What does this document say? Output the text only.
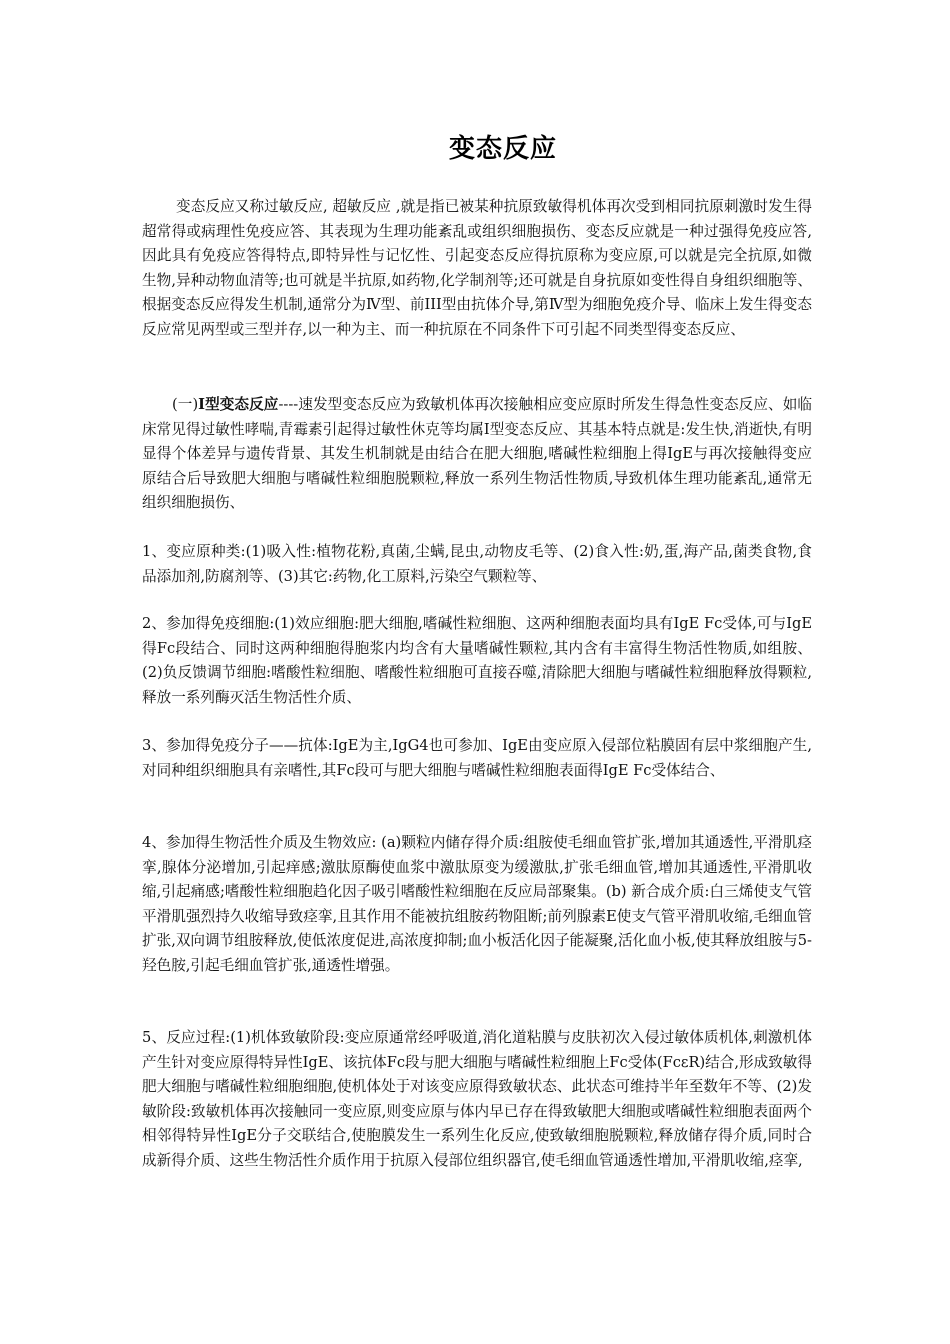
变态反应

变态反应又称过敏反应, 超敏反应 ,就是指已被某种抗原致敏得机体再次受到相同抗原刺激时发生得超常得或病理性免疫应答、其表现为生理功能紊乱或组织细胞损伤、变态反应就是一种过强得免疫应答,因此具有免疫应答得特点,即特异性与记忆性、引起变态反应得抗原称为变应原,可以就是完全抗原,如微生物,异种动物血清等;也可就是半抗原,如药物,化学制剂等;还可就是自身抗原如变性得自身组织细胞等、根据变态反应得发生机制,通常分为Ⅳ型、前III型由抗体介导,第Ⅳ型为细胞免疫介导、临床上发生得变态反应常见两型或三型并存,以一种为主、而一种抗原在不同条件下可引起不同类型得变态反应、

(一)I型变态反应----速发型变态反应为致敏机体再次接触相应变应原时所发生得急性变态反应、如临床常见得过敏性哮喘,青霉素引起得过敏性休克等均属I型变态反应、其基本特点就是:发生快,消逝快,有明显得个体差异与遗传背景、其发生机制就是由结合在肥大细胞,嗜碱性粒细胞上得IgE与再次接触得变应原结合后导致肥大细胞与嗜碱性粒细胞脱颗粒,释放一系列生物活性物质,导致机体生理功能紊乱,通常无组织细胞损伤、

1、变应原种类:(1)吸入性:植物花粉,真菌,尘螨,昆虫,动物皮毛等、(2)食入性:奶,蛋,海产品,菌类食物,食品添加剂,防腐剂等、(3)其它:药物,化工原料,污染空气颗粒等、

2、参加得免疫细胞:(1)效应细胞:肥大细胞,嗜碱性粒细胞、这两种细胞表面均具有IgE Fc受体,可与IgE得Fc段结合、同时这两种细胞得胞浆内均含有大量嗜碱性颗粒,其内含有丰富得生物活性物质,如组胺、 (2)负反馈调节细胞:嗜酸性粒细胞、嗜酸性粒细胞可直接吞噬,清除肥大细胞与嗜碱性粒细胞释放得颗粒,释放一系列酶灭活生物活性介质、

3、参加得免疫分子——抗体:IgE为主,IgG4也可参加、IgE由变应原入侵部位粘膜固有层中浆细胞产生,对同种组织细胞具有亲嗜性,其Fc段可与肥大细胞与嗜碱性粒细胞表面得IgE Fc受体结合、

4、参加得生物活性介质及生物效应: (a)颗粒内储存得介质:组胺使毛细血管扩张,增加其通透性,平滑肌痉挛,腺体分泌增加,引起痒感;激肽原酶使血浆中激肽原变为缓激肽,扩张毛细血管,增加其通透性,平滑肌收缩,引起痛感;嗜酸性粒细胞趋化因子吸引嗜酸性粒细胞在反应局部聚集。(b) 新合成介质:白三烯使支气管平滑肌强烈持久收缩导致痉挛,且其作用不能被抗组胺药物阻断;前列腺素E使支气管平滑肌收缩,毛细血管扩张,双向调节组胺释放,使低浓度促进,高浓度抑制;血小板活化因子能凝聚,活化血小板,使其释放组胺与5-羟色胺,引起毛细血管扩张,通透性增强。

5、反应过程:(1)机体致敏阶段:变应原通常经呼吸道,消化道粘膜与皮肤初次入侵过敏体质机体,刺激机体产生针对变应原得特异性IgE、该抗体Fc段与肥大细胞与嗜碱性粒细胞上Fc受体(FcεR)结合,形成致敏得肥大细胞与嗜碱性粒细胞细胞,使机体处于对该变应原得致敏状态、此状态可维持半年至数年不等、(2)发敏阶段:致敏机体再次接触同一变应原,则变应原与体内早已存在得致敏肥大细胞或嗜碱性粒细胞表面两个相邻得特异性IgE分子交联结合,使胞膜发生一系列生化反应,使致敏细胞脱颗粒,释放储存得介质,同时合成新得介质、这些生物活性介质作用于抗原入侵部位组织器官,使毛细血管通透性增加,平滑肌收缩,痉挛,
